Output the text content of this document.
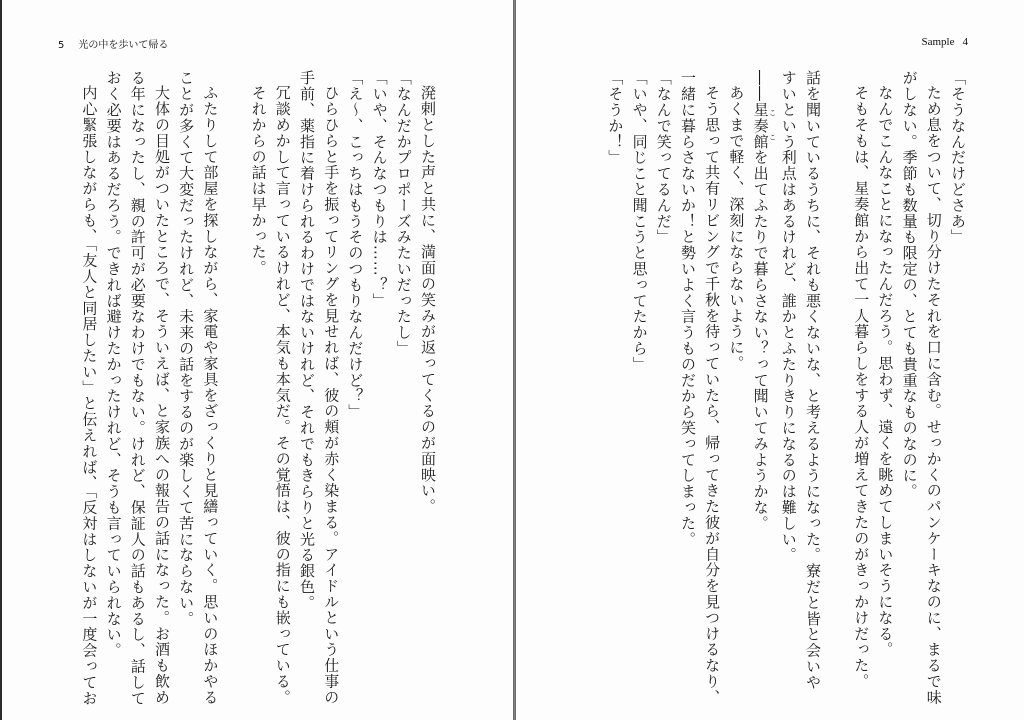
5 光の中を歩いて帰る

溌剌とした声と共に、満面の笑みが返ってくるのが面映い。

「なんだかプロポーズみたいだったし」

「いや、そんなつもりは……？」

「え～、こっちはもうそのつもりなんだけど？」

ひらひらと手を振ってリングを見せれば、彼の頬が赤く染まる。アイドルという仕事の

手前、薬指に着けられるわけではないけれど、それでもきらりと光る銀色。

冗談めかして言っているけれど、本気も本気だ。その覚悟は、彼の指にも嵌っている。

それからの話は早かった。

ふたりして部屋を探しながら、家電や家具をざっくりと見繕っていく。思いのほかやる

ことが多くて大変だったけれど、未来の話をするのが楽しくて苦にならない。

大体の目処がついたところで、そういえば、と家族への報告の話になった。お酒も飲め

る年になったし、親の許可が必要なわけでもない。けれど、保証人の話もあるし、話して

おく必要はあるだろう。できれば避けたかったけれど、そうも言っていられない。

内心緊張しながらも、「友人と同居したい」と伝えれば、「反対はしないが一度会ってお

Sample 4

「そうなんだけどさあ」

ため息をついて、切り分けたそれを口に含む。せっかくのパンケーキなのに、まるで味

がしない。季節も数量も限定の、とても貴重なものなのに。

なんでこんなことになったんだろう。思わず、遠くを眺めてしまいそうになる。

そもそもは、星奏館から出て一人暮らしをする人が増えてきたのがきっかけだった。

話を聞いているうちに、それも悪くないな、と考えるようになった。寮だと皆と会いや

すいという利点はあるけれど、誰かとふたりきりになるのは難しい。

――星奏館 ここを出てふたりで暮らさない？って聞いてみようかな。

あくまで軽く、深刻にならないように。

そう思って共有リビングで千秋を待っていたら、帰ってきた彼が自分を見つけるなり、

一緒に暮らさないか！と勢いよく言うものだから笑ってしまった。

「なんで笑ってるんだ」

「いや、同じこと聞こうと思ってたから」

「そうか！」
